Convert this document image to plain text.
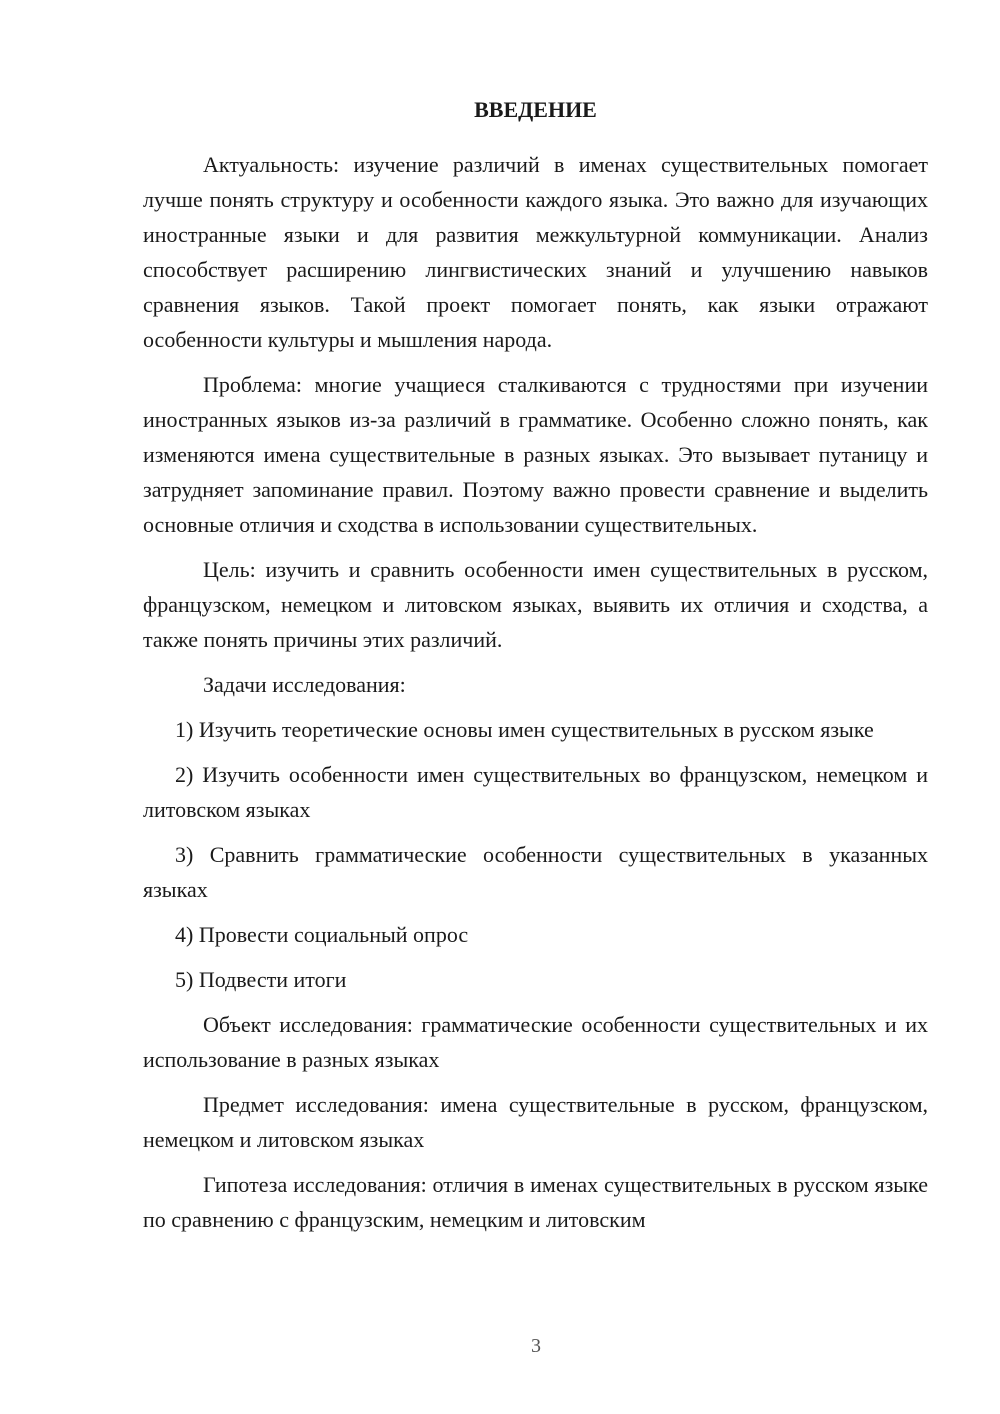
ВВЕДЕНИЕ

Актуальность: изучение различий в именах существительных помогает лучше понять структуру и особенности каждого языка. Это важно для изучающих иностранные языки и для развития межкультурной коммуникации. Анализ способствует расширению лингвистических знаний и улучшению навыков сравнения языков. Такой проект помогает понять, как языки отражают особенности культуры и мышления народа.

Проблема: многие учащиеся сталкиваются с трудностями при изучении иностранных языков из-за различий в грамматике. Особенно сложно понять, как изменяются имена существительные в разных языках. Это вызывает путаницу и затрудняет запоминание правил. Поэтому важно провести сравнение и выделить основные отличия и сходства в использовании существительных.

Цель: изучить и сравнить особенности имен существительных в русском, французском, немецком и литовском языках, выявить их отличия и сходства, а также понять причины этих различий.

Задачи исследования:

1) Изучить теоретические основы имен существительных в русском языке

2) Изучить особенности имен существительных во французском, немецком и литовском языках

3) Сравнить грамматические особенности существительных в указанных языках

4) Провести социальный опрос

5) Подвести итоги

Объект исследования: грамматические особенности существительных и их использование в разных языках

Предмет исследования: имена существительные в русском, французском, немецком и литовском языках

Гипотеза исследования: отличия в именах существительных в русском языке по сравнению с французским, немецким и литовским

3
